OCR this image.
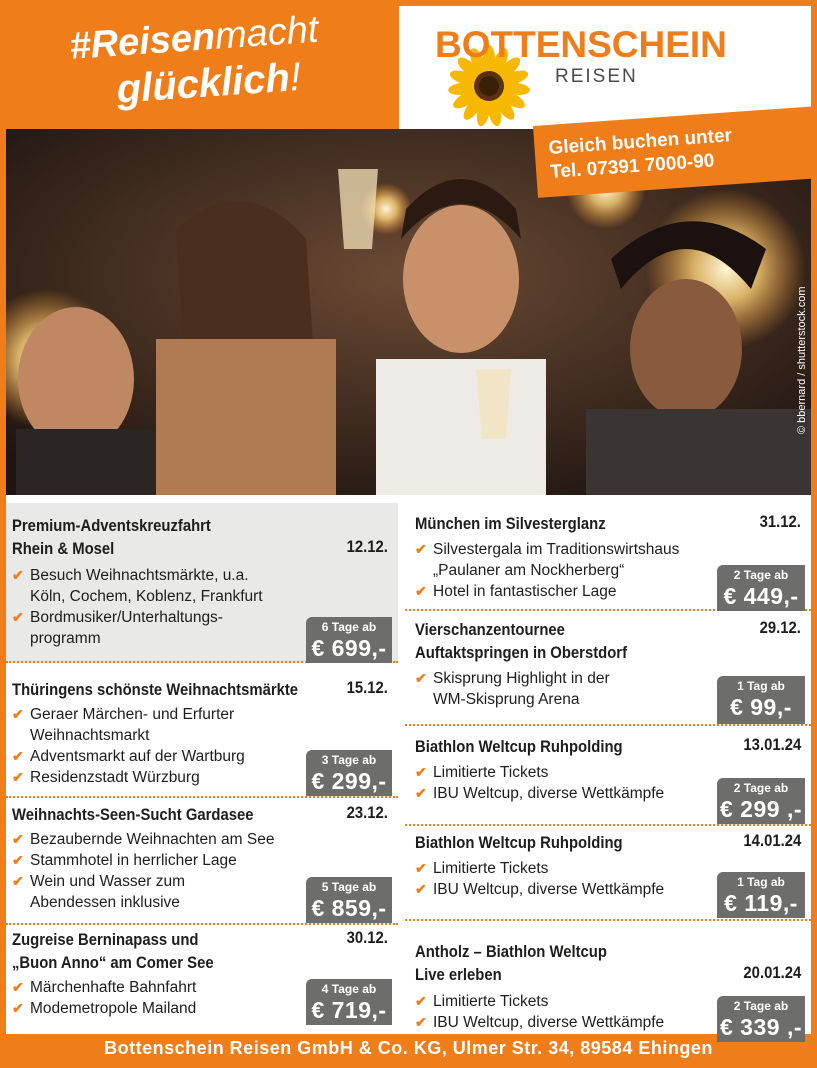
#Reisenmacht
glücklich!
BOTTENSCHEIN
REISEN
Gleich buchen unter
Tel. 07391 7000-90
© bbernard / shutterstock.com
Premium-Adventskreuzfahrt
Rhein & Mosel	12.12.
✔ Besuch Weihnachtsmärkte, u.a.
Köln, Cochem, Koblenz, Frankfurt
✔ Bordmusiker/Unterhaltungs-
programm
6 Tage ab
€ 699,-
Thüringens schönste Weihnachtsmärkte	15.12.
✔ Geraer Märchen- und Erfurter
Weihnachtsmarkt
✔ Adventsmarkt auf der Wartburg
✔ Residenzstadt Würzburg
3 Tage ab
€ 299,-
Weihnachts-Seen-Sucht Gardasee	23.12.
✔ Bezaubernde Weihnachten am See
✔ Stammhotel in herrlicher Lage
✔ Wein und Wasser zum
Abendessen inklusive
5 Tage ab
€ 859,-
Zugreise Berninapass und
„Buon Anno“ am Comer See
30.12.
✔ Märchenhafte Bahnfahrt
✔ Modemetropole Mailand
4 Tage ab
€ 719,-
München im Silvesterglanz	31.12.
✔ Silvestergala im Traditionswirtshaus
„Paulaner am Nockherberg“
✔ Hotel in fantastischer Lage
2 Tage ab
€ 449,-
Vierschanzentournee
Auftaktspringen in Oberstdorf
29.12.
✔ Skisprung Highlight in der
WM-Skisprung Arena
1 Tag ab
€ 99,-
Biathlon Weltcup Ruhpolding	13.01.24
✔ Limitierte Tickets
✔ IBU Weltcup, diverse Wettkämpfe	2 Tage ab
€ 299 ,-
Biathlon Weltcup Ruhpolding	14.01.24
✔ Limitierte Tickets
✔ IBU Weltcup, diverse Wettkämpfe	1 Tag ab
€ 119,-
Antholz – Biathlon Weltcup
Live erleben	20.01.24
✔ Limitierte Tickets
✔ IBU Weltcup, diverse Wettkämpfe
2 Tage ab
€ 339 ,-
Bottenschein Reisen GmbH & Co. KG, Ulmer Str. 34, 89584 Ehingen
